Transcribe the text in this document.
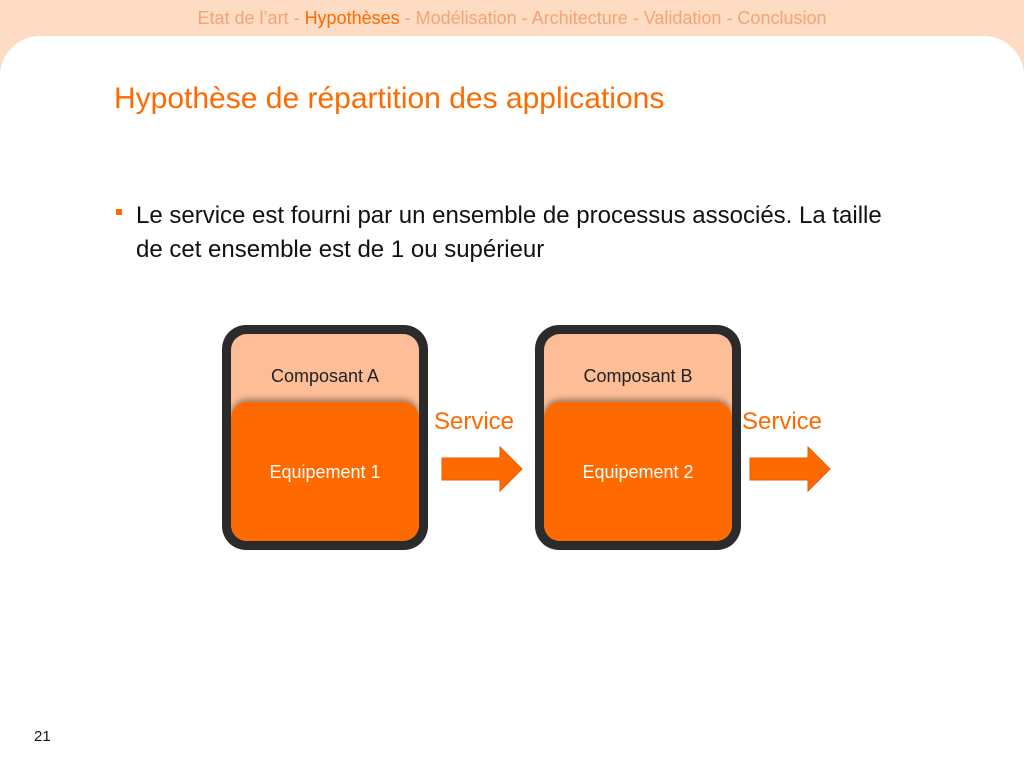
Etat de l’art - Hypothèses - Modélisation - Architecture - Validation - Conclusion
Hypothèse de répartition des applications
Le service est fourni par un ensemble de processus associés. La taille de cet ensemble est de 1 ou supérieur
Composant A
Equipement 1
Service
Composant B
Equipement 2
Service
21
